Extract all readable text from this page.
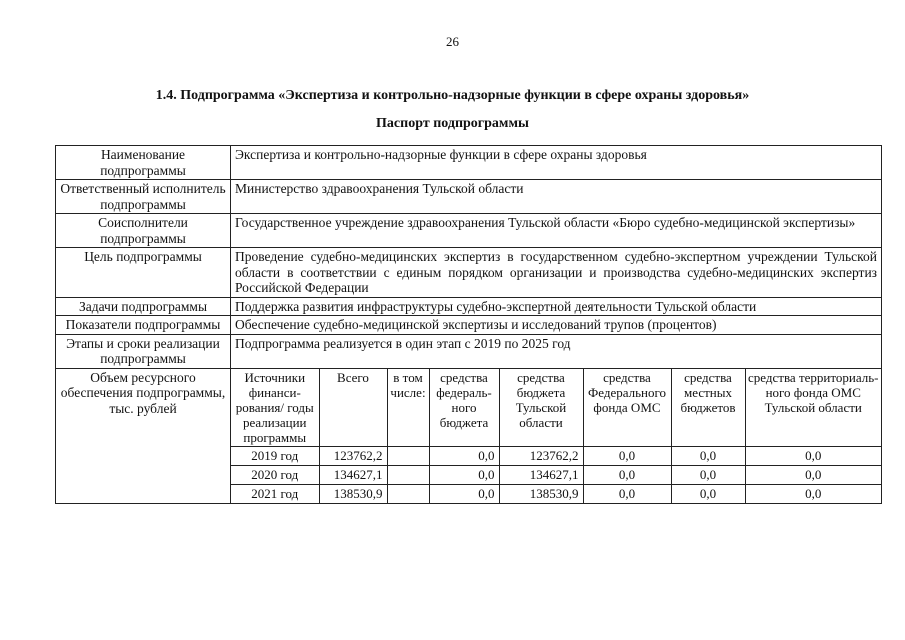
26
1.4. Подпрограмма «Экспертиза и контрольно-надзорные функции в сфере охраны здоровья»
Паспорт подпрограммы
Наименование подпрограммы	Экспертиза и контрольно-надзорные функции в сфере охраны здоровья
Ответственный исполнитель подпрограммы	Министерство здравоохранения Тульской области
Соисполнители подпрограммы	Государственное учреждение здравоохранения Тульской области «Бюро судебно-медицинской экспертизы»
Цель подпрограммы	Проведение судебно-медицинских экспертиз в государственном судебно-экспертном учреждении Тульской области в соответствии с единым порядком организации и производства судебно-медицинских экспертиз Российской Федерации
Задачи подпрограммы	Поддержка развития инфраструктуры судебно-экспертной деятельности Тульской области
Показатели подпрограммы	Обеспечение судебно-медицинской экспертизы и исследований трупов (процентов)
Этапы и сроки реализации подпрограммы	Подпрограмма реализуется в один этап с 2019 по 2025 год
Объем ресурсного обеспечения подпрограммы, тыс. рублей	
Источники финанси-рования/ годы реализации программы	Всего	в том числе:	средства федераль-ного бюджета	средства бюджета Тульской области	средства Федерального фонда ОМС	средства местных бюджетов	средства территориаль-ного фонда ОМС Тульской области
2019 год	123762,2		0,0	123762,2	0,0	0,0	0,0
2020 год	134627,1		0,0	134627,1	0,0	0,0	0,0
2021 год	138530,9		0,0	138530,9	0,0	0,0	0,0
